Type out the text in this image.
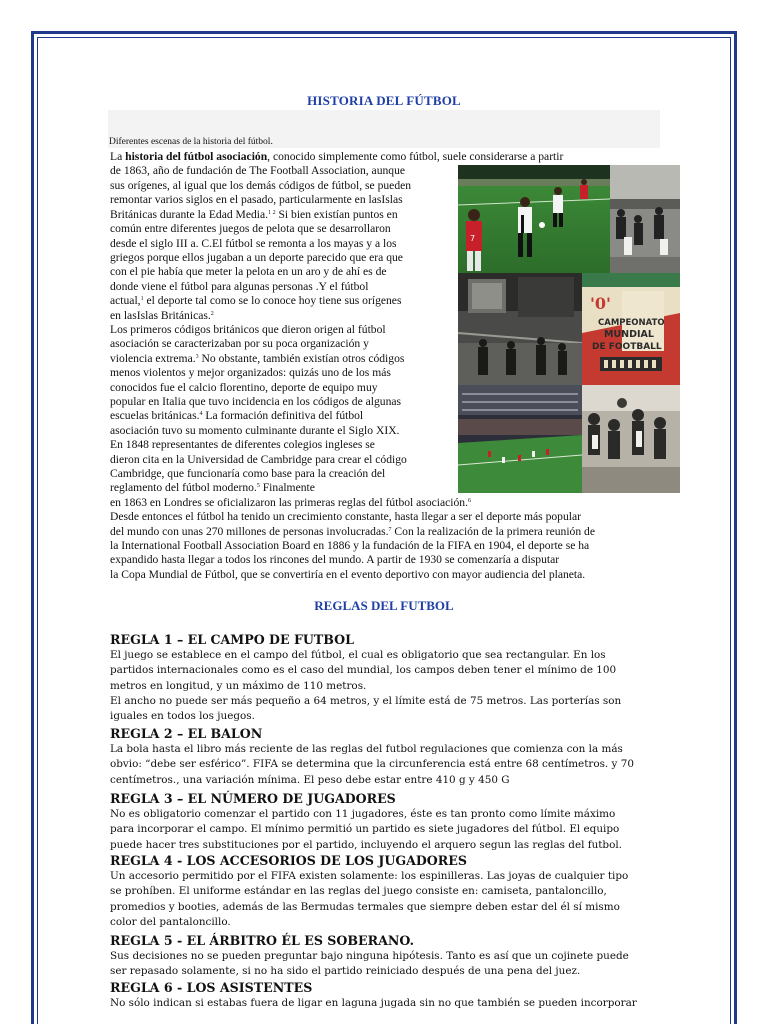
HISTORIA DEL FÚTBOL
Diferentes escenas de la historia del fútbol.
La historia del fútbol asociación, conocido simplemente como fútbol, suele considerarse a partir
de 1863, año de fundación de The Football Association, aunque
sus orígenes, al igual que los demás códigos de fútbol, se pueden
remontar varios siglos en el pasado, particularmente en lasIslas
Británicas durante la Edad Media.$^1$ $^2$ Si bien existían puntos en
común entre diferentes juegos de pelota que se desarrollaron
desde el siglo III a. C.El fútbol se remonta a los mayas y a los
griegos porque ellos jugaban a un deporte parecido que era que
con el pie había que meter la pelota en un aro y de ahí es de
donde viene el fútbol para algunas personas .Y el fútbol
actual,$^1$ el deporte tal como se lo conoce hoy tiene sus orígenes
en lasIslas Británicas.$^2$
Los primeros códigos británicos que dieron origen al fútbol
asociación se caracterizaban por su poca organización y
violencia extrema.$^3$ No obstante, también existían otros códigos
menos violentos y mejor organizados: quizás uno de los más
conocidos fue el calcio florentino, deporte de equipo muy
popular en Italia que tuvo incidencia en los códigos de algunas
escuelas británicas.$^4$ La formación definitiva del fútbol
asociación tuvo su momento culminante durante el Siglo XIX.
En 1848 representantes de diferentes colegios ingleses se
dieron cita en la Universidad de Cambridge para crear el código
Cambridge, que funcionaría como base para la creación del
reglamento del fútbol moderno.$^5$ Finalmente
en 1863 en Londres se oficializaron las primeras reglas del fútbol asociación.$^6$
Desde entonces el fútbol ha tenido un crecimiento constante, hasta llegar a ser el deporte más popular
del mundo con unas 270 millones de personas involucradas.$^7$ Con la realización de la primera reunión de
la International Football Association Board en 1886 y la fundación de la FIFA en 1904, el deporte se ha
expandido hasta llegar a todos los rincones del mundo. A partir de 1930 se comenzaría a disputar
la Copa Mundial de Fútbol, que se convertiría en el evento deportivo con mayor audiencia del planeta.
7
'0'
CAMPEONATO
MUNDIAL
DE FOOTBALL
REGLAS DEL FUTBOL
REGLA 1 – EL CAMPO DE FUTBOL
El juego se establece en el campo del fútbol, el cual es obligatorio que sea rectangular. En los
partidos internacionales como es el caso del mundial, los campos deben tener el mínimo de 100
metros en longitud, y un máximo de 110 metros.
El ancho no puede ser más pequeño a 64 metros, y el límite está de 75 metros. Las porterías son
iguales en todos los juegos.
REGLA 2 – EL BALON
La bola hasta el libro más reciente de las reglas del futbol regulaciones que comienza con la más
obvio: “debe ser esférico”. FIFA se determina que la circunferencia está entre 68 centímetros. y 70
centímetros., una variación mínima. El peso debe estar entre 410 g y 450 G
REGLA 3 – EL NÚMERO DE JUGADORES
No es obligatorio comenzar el partido con 11 jugadores, éste es tan pronto como límite máximo
para incorporar el campo. El mínimo permitió un partido es siete jugadores del fútbol. El equipo
puede hacer tres substituciones por el partido, incluyendo el arquero segun las reglas del futbol.
REGLA 4 - LOS ACCESORIOS DE LOS JUGADORES
Un accesorio permitido por el FIFA existen solamente: los espinilleras. Las joyas de cualquier tipo
se prohíben. El uniforme estándar en las reglas del juego consiste en: camiseta, pantaloncillo,
promedios y booties, además de las Bermudas termales que siempre deben estar del él sí mismo
color del pantaloncillo.
REGLA 5 - EL ÁRBITRO ÉL ES SOBERANO.
Sus decisiones no se pueden preguntar bajo ninguna hipótesis. Tanto es así que un cojinete puede
ser repasado solamente, si no ha sido el partido reiniciado después de una pena del juez.
REGLA 6 - LOS ASISTENTES
No sólo indican si estabas fuera de ligar en laguna jugada sin no que también se pueden incorporar
